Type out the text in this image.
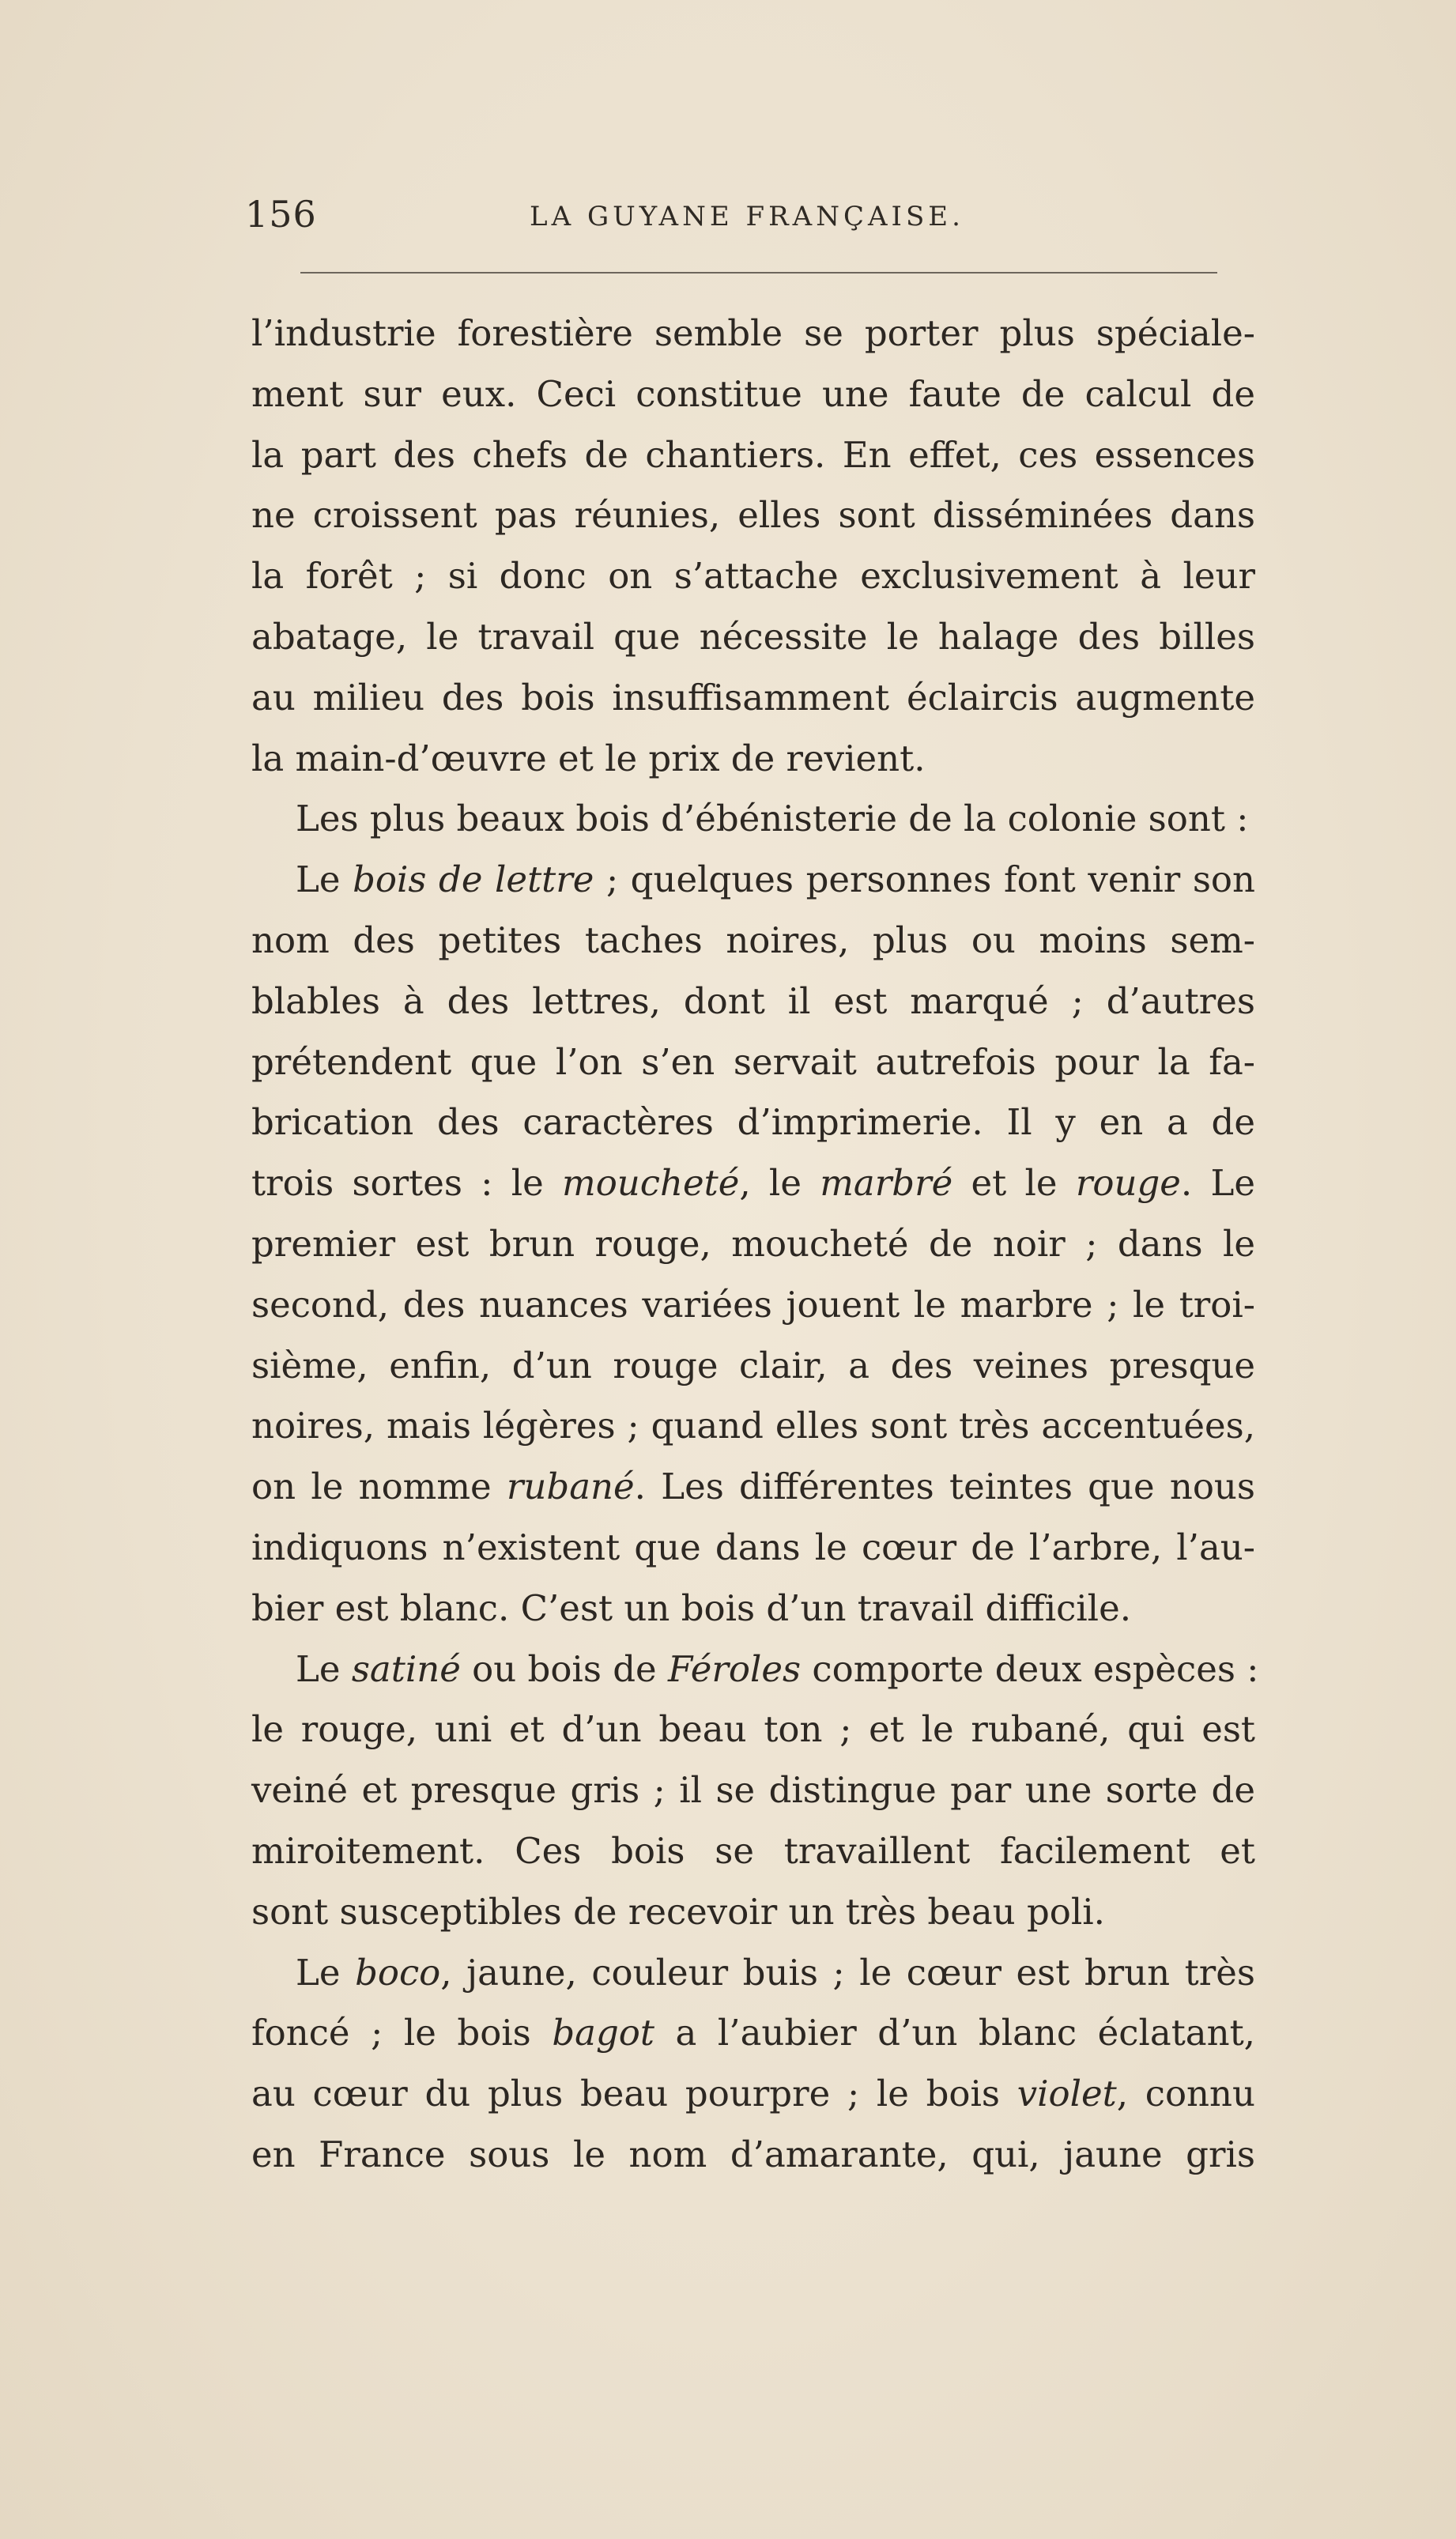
156	LA GUYANE FRANÇAISE.
l’industrie forestière semble se porter plus spéciale-
ment sur eux. Ceci constitue une faute de calcul de
la part des chefs de chantiers. En effet, ces essences
ne croissent pas réunies, elles sont disséminées dans
la forêt ; si donc on s’attache exclusivement à leur
abatage, le travail que nécessite le halage des billes
au milieu des bois insuffisamment éclaircis augmente
la main-d’œuvre et le prix de revient.
Les plus beaux bois d’ébénisterie de la colonie sont :
Le bois de lettre ; quelques personnes font venir son
nom des petites taches noires, plus ou moins sem-
blables à des lettres, dont il est marqué ; d’autres
prétendent que l’on s’en servait autrefois pour la fa-
brication des caractères d’imprimerie. Il y en a de
trois sortes : le moucheté, le marbré et le rouge. Le
premier est brun rouge, moucheté de noir ; dans le
second, des nuances variées jouent le marbre ; le troi-
sième, enfin, d’un rouge clair, a des veines presque
noires, mais légères ; quand elles sont très accentuées,
on le nomme rubané. Les différentes teintes que nous
indiquons n’existent que dans le cœur de l’arbre, l’au-
bier est blanc. C’est un bois d’un travail difficile.
Le satiné ou bois de Féroles comporte deux espèces :
le rouge, uni et d’un beau ton ; et le rubané, qui est
veiné et presque gris ; il se distingue par une sorte de
miroitement. Ces bois se travaillent facilement et
sont susceptibles de recevoir un très beau poli.
Le boco, jaune, couleur buis ; le cœur est brun très
foncé ; le bois bagot a l’aubier d’un blanc éclatant,
au cœur du plus beau pourpre ; le bois violet, connu
en France sous le nom d’amarante, qui, jaune gris
